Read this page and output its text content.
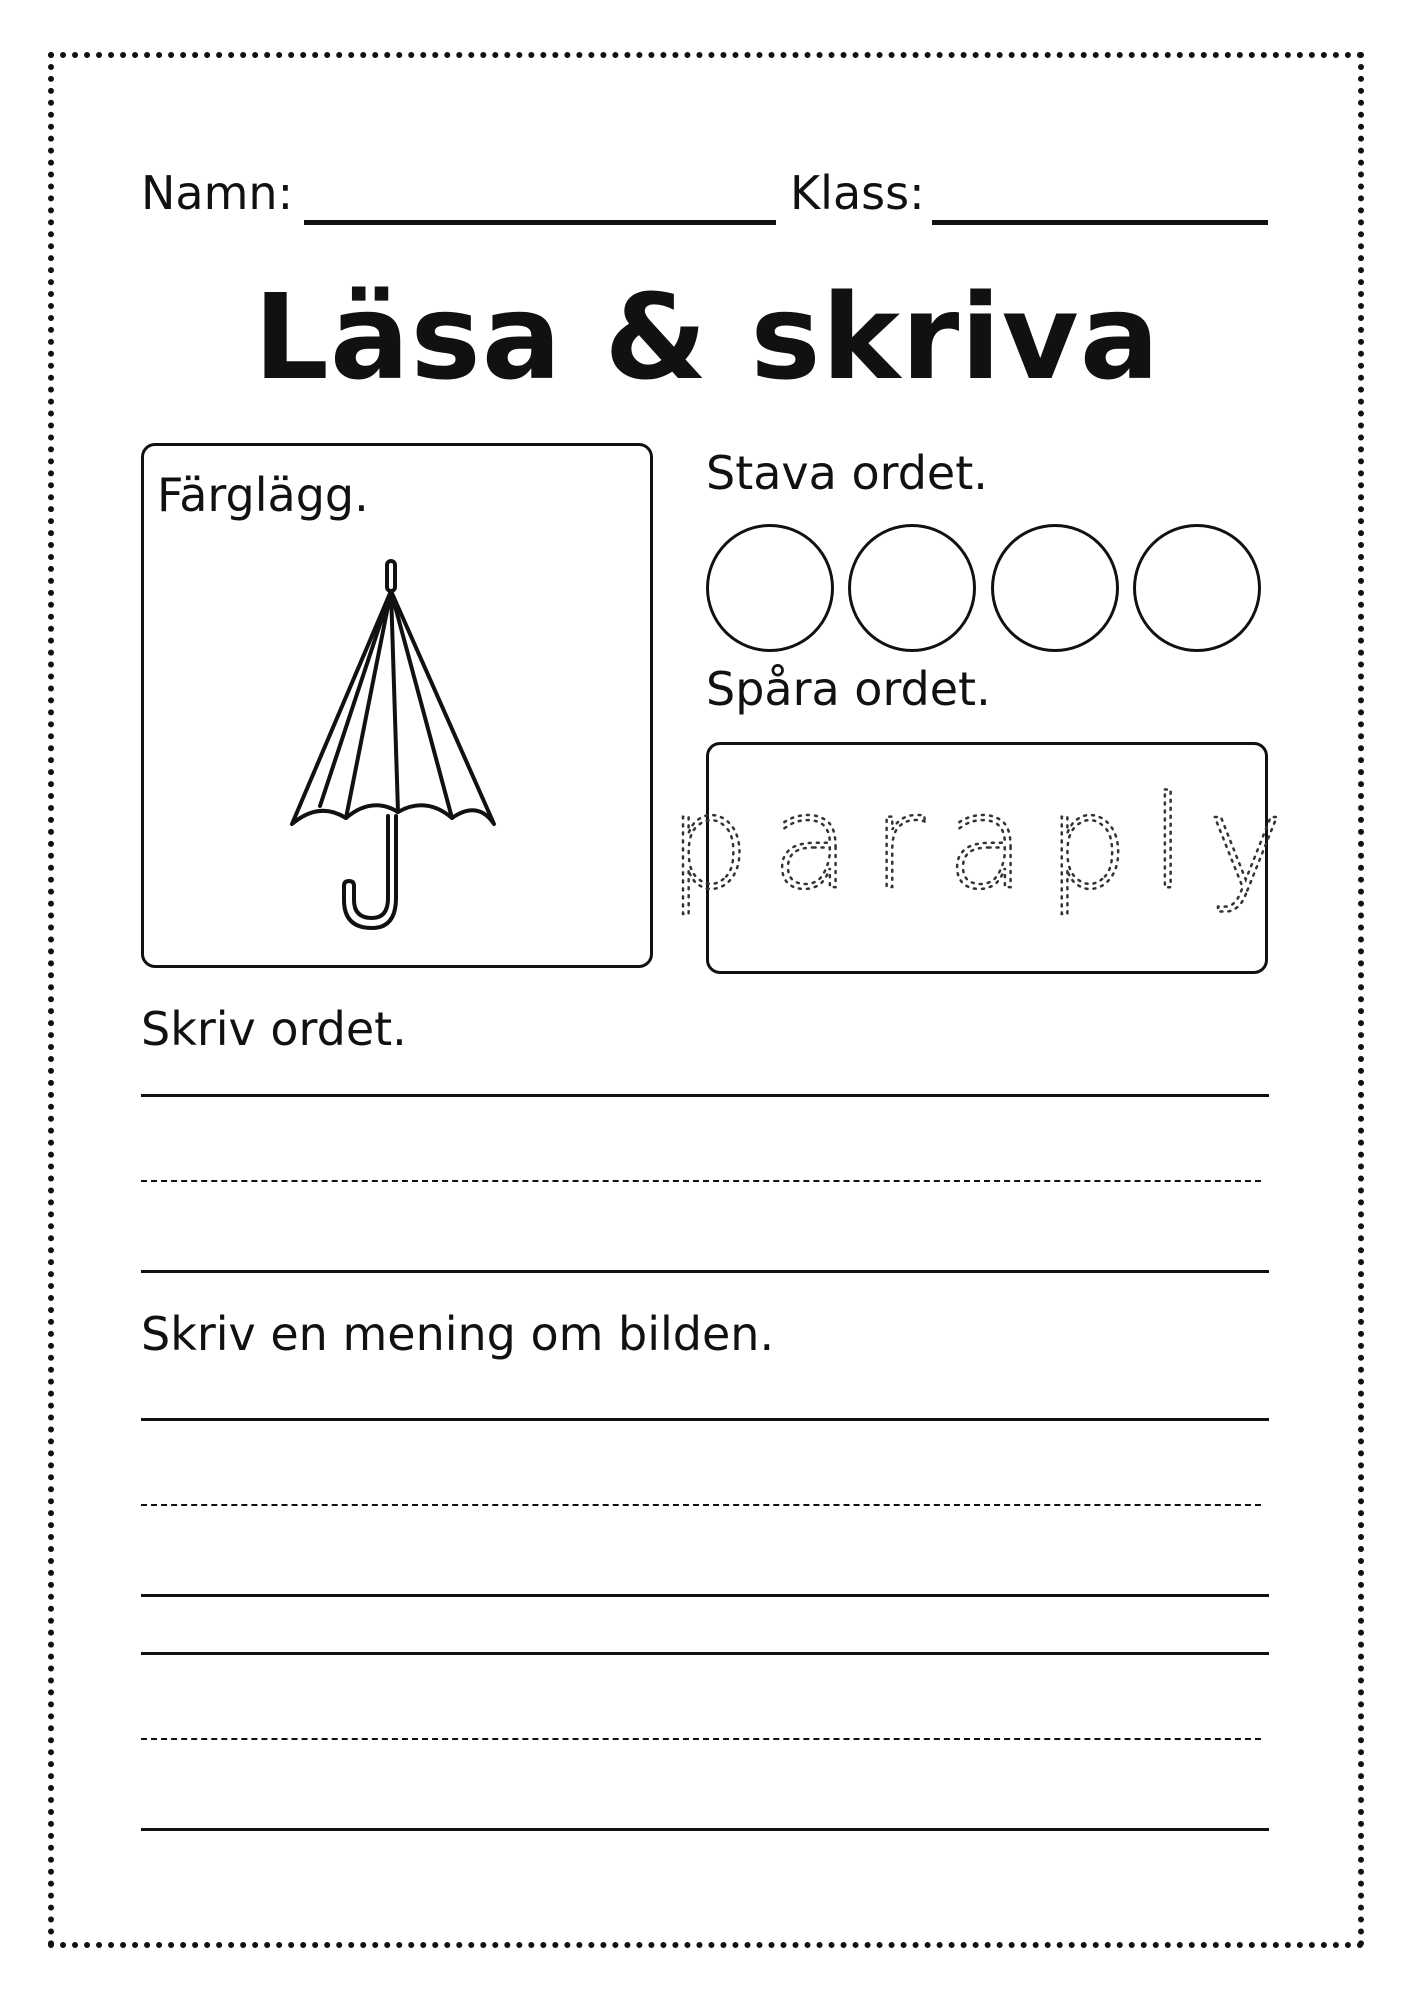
Namn:	Klass:
Läsa & skriva
Färglägg.	Stava ordet.
Spåra ordet.
paraply
Skriv ordet.
Skriv en mening om bilden.
